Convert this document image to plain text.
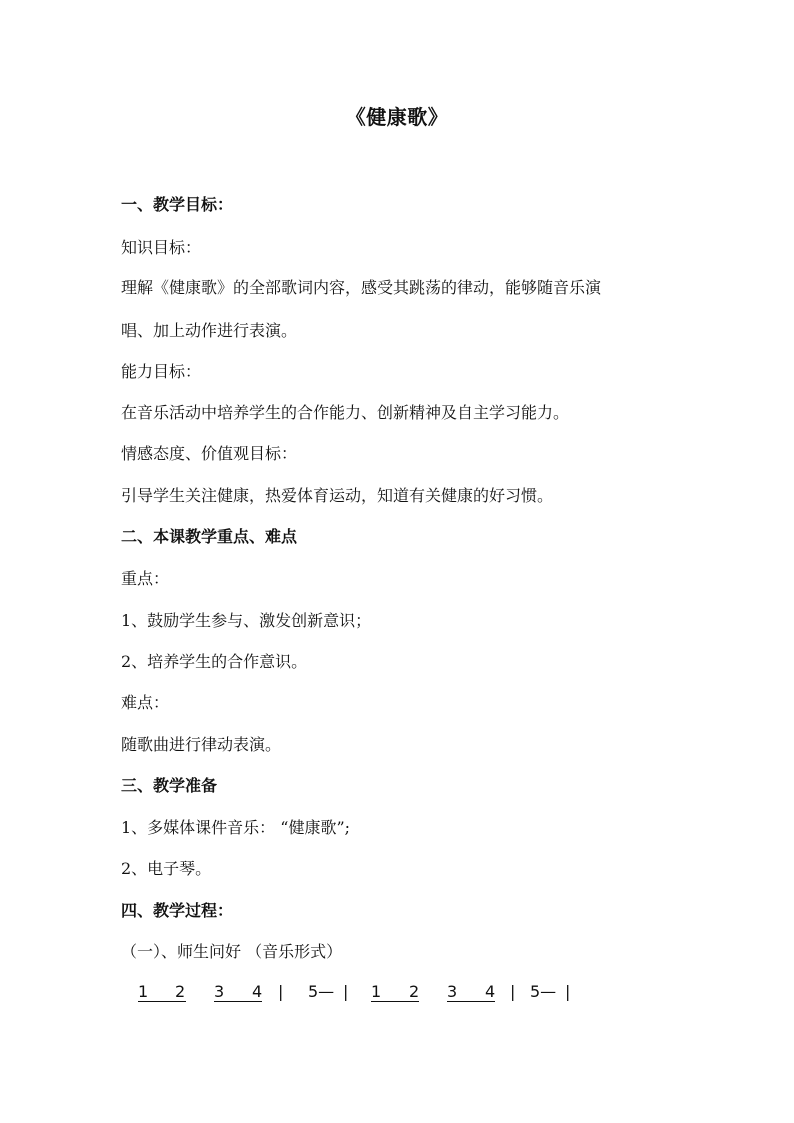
《健康歌》
一、教学目标：
知识目标：
理解《健康歌》的全部歌词内容，感受其跳荡的律动，能够随音乐演
唱、加上动作进行表演。
能力目标：
在音乐活动中培养学生的合作能力、创新精神及自主学习能力。
情感态度、价值观目标：
引导学生关注健康，热爱体育运动，知道有关健康的好习惯。
二、本课教学重点、难点
重点：
1、鼓励学生参与、激发创新意识；
2、培养学生的合作意识。
难点：
随歌曲进行律动表演。
三、教学准备
1、多媒体课件音乐： “健康歌”;
2、电子琴。
四、教学过程：
（一）、师生问好 （音乐形式）
1 2 3 4 | 5— | 1 2 3 4 | 5— |
